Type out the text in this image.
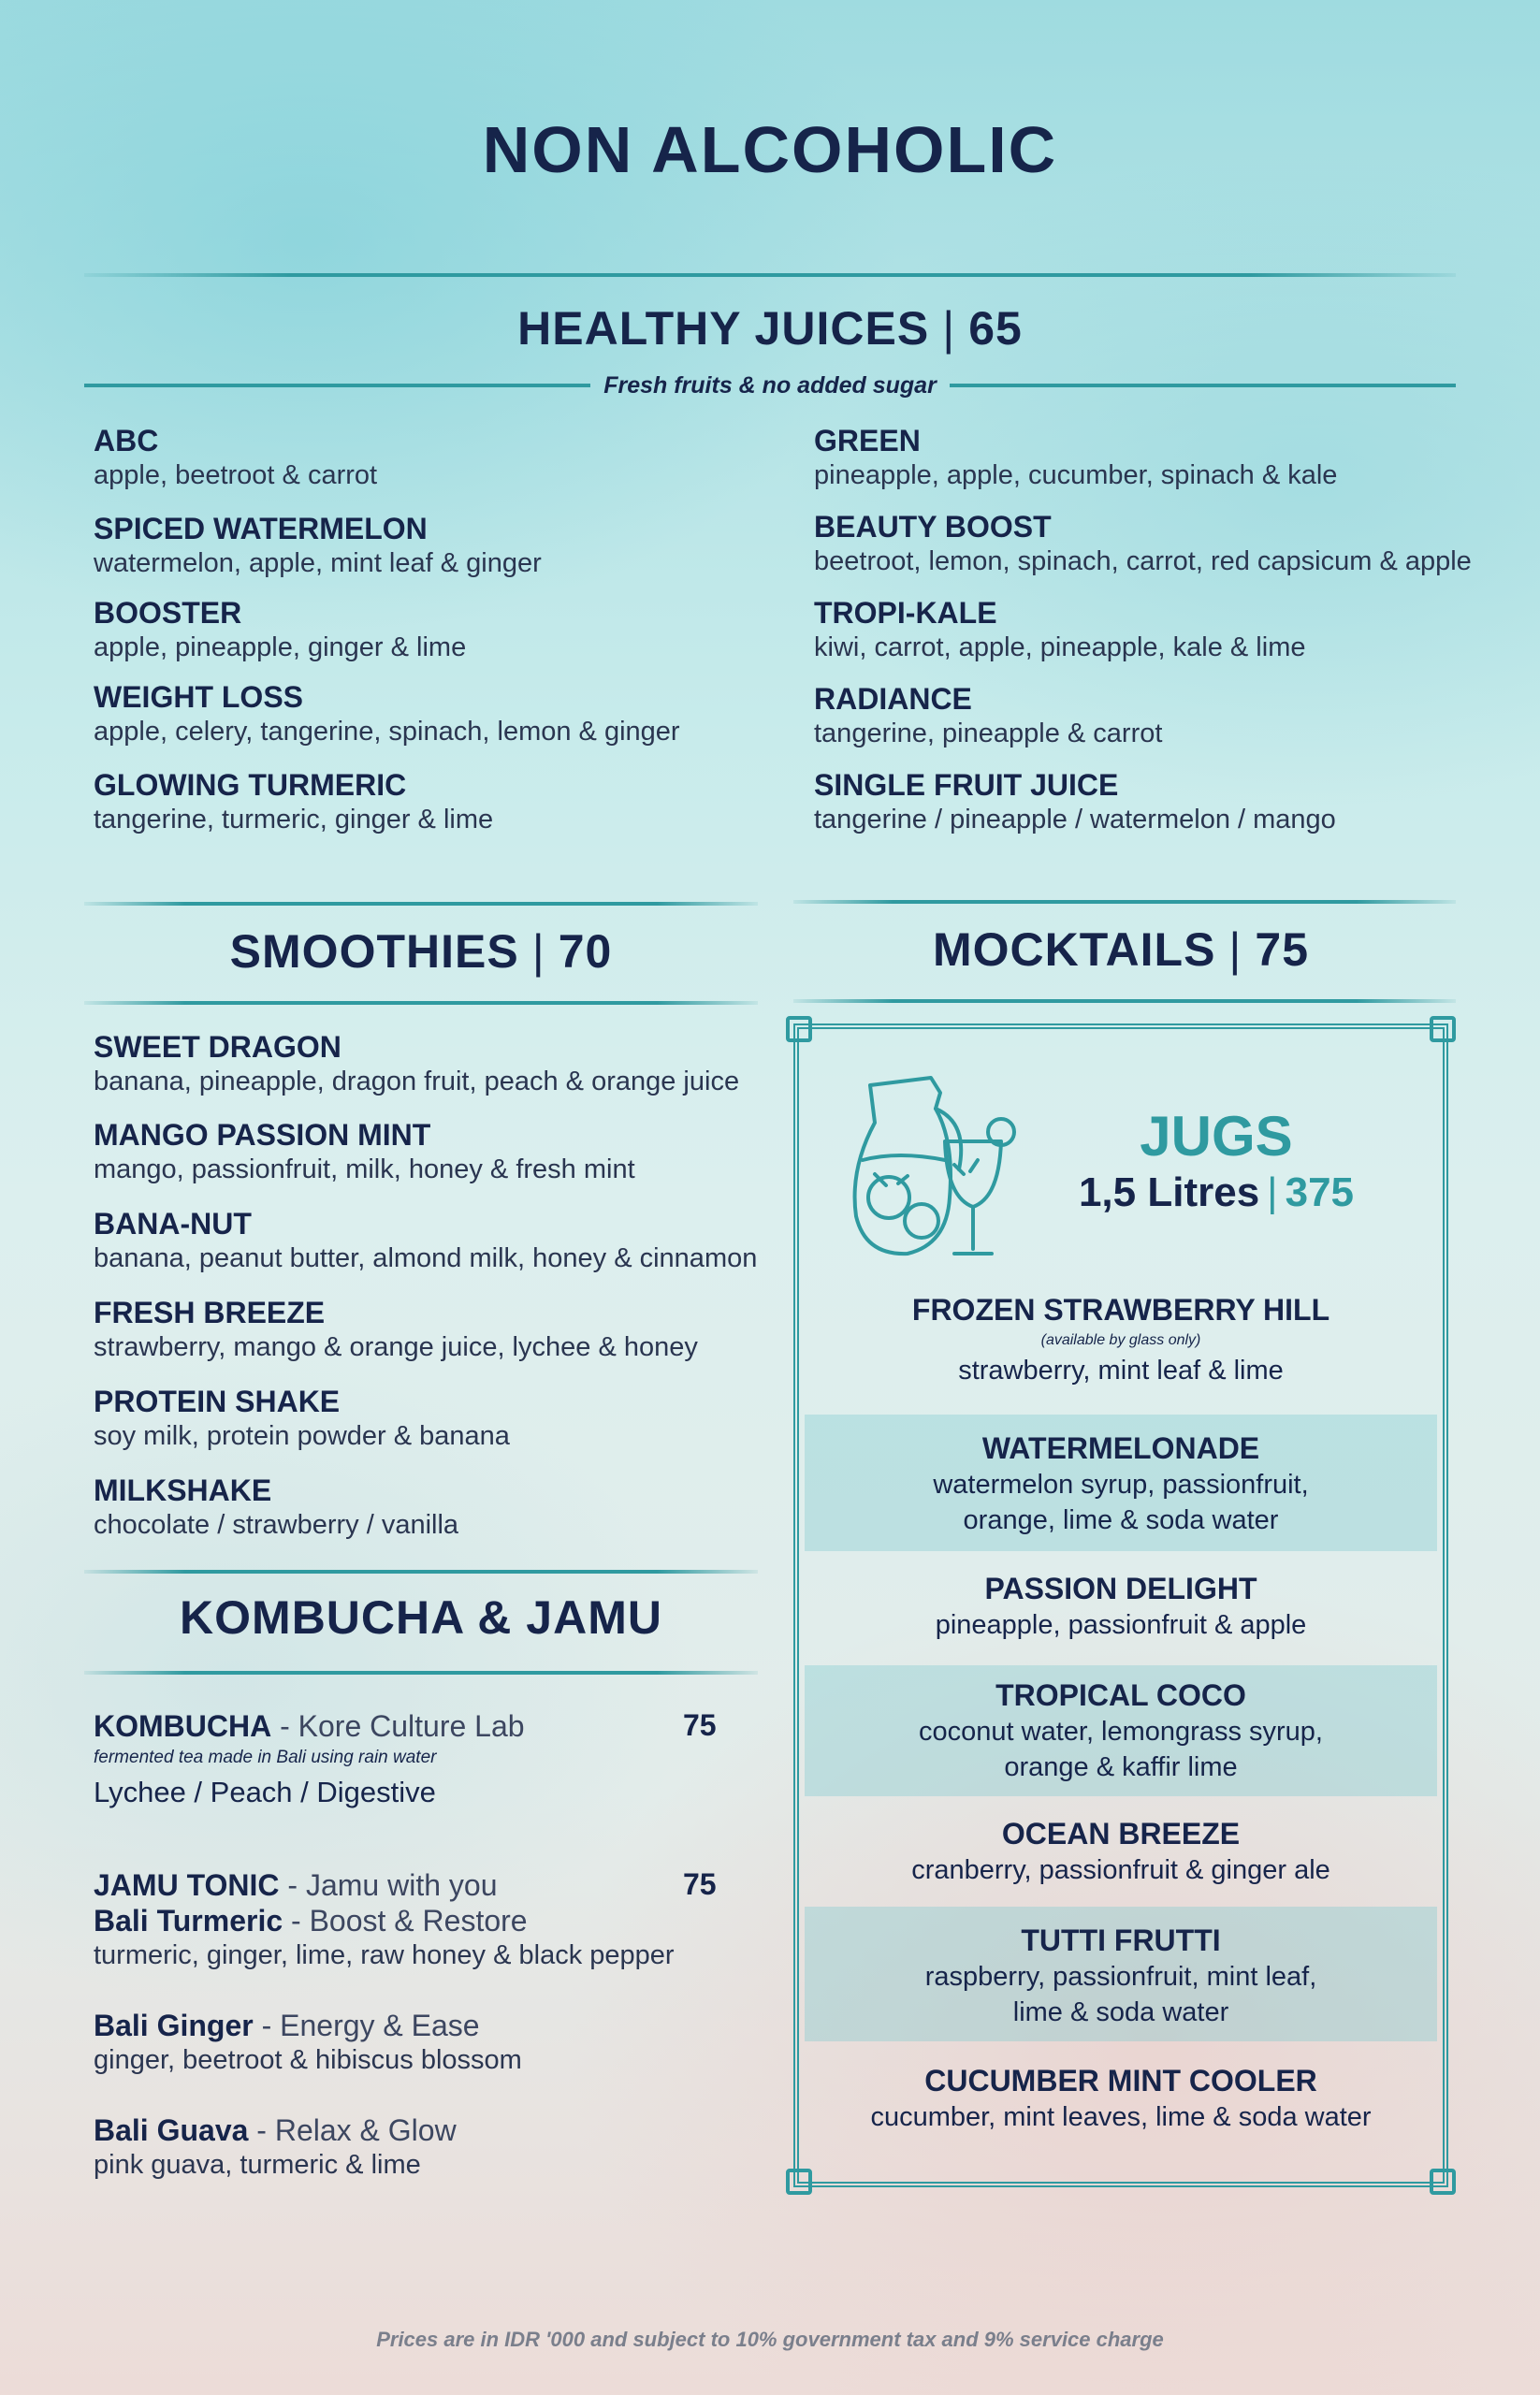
NON ALCOHOLIC
HEALTHY JUICES | 65
Fresh fruits & no added sugar
ABC
apple, beetroot & carrot
SPICED WATERMELON
watermelon, apple, mint leaf & ginger
BOOSTER
apple, pineapple, ginger & lime
WEIGHT LOSS
apple, celery, tangerine, spinach, lemon & ginger
GLOWING TURMERIC
tangerine, turmeric, ginger & lime
GREEN
pineapple, apple, cucumber, spinach & kale
BEAUTY BOOST
beetroot, lemon, spinach, carrot, red capsicum & apple
TROPI-KALE
kiwi, carrot, apple, pineapple, kale & lime
RADIANCE
tangerine, pineapple & carrot
SINGLE FRUIT JUICE
tangerine / pineapple / watermelon / mango
SMOOTHIES | 70
SWEET DRAGON
banana, pineapple, dragon fruit, peach & orange juice
MANGO PASSION MINT
mango, passionfruit, milk, honey & fresh mint
BANA-NUT
banana, peanut butter, almond milk, honey & cinnamon
FRESH BREEZE
strawberry, mango & orange juice, lychee & honey
PROTEIN SHAKE
soy milk, protein powder & banana
MILKSHAKE
chocolate / strawberry / vanilla
KOMBUCHA & JAMU
KOMBUCHA - Kore Culture Lab
fermented tea made in Bali using rain water
Lychee / Peach / Digestive
75
JAMU TONIC - Jamu with you	75
Bali Turmeric - Boost & Restore
turmeric, ginger, lime, raw honey & black pepper
Bali Ginger - Energy & Ease
ginger, beetroot & hibiscus blossom
Bali Guava - Relax & Glow
pink guava, turmeric & lime
MOCKTAILS | 75
JUGS
1,5 Litres | 375
FROZEN STRAWBERRY HILL
(available by glass only)
strawberry, mint leaf & lime
WATERMELONADE
watermelon syrup, passionfruit,
orange, lime & soda water
PASSION DELIGHT
pineapple, passionfruit & apple
TROPICAL COCO
coconut water, lemongrass syrup,
orange & kaffir lime
OCEAN BREEZE
cranberry, passionfruit & ginger ale
TUTTI FRUTTI
raspberry, passionfruit, mint leaf,
lime & soda water
CUCUMBER MINT COOLER
cucumber, mint leaves, lime & soda water
Prices are in IDR '000 and subject to 10% government tax and 9% service charge
